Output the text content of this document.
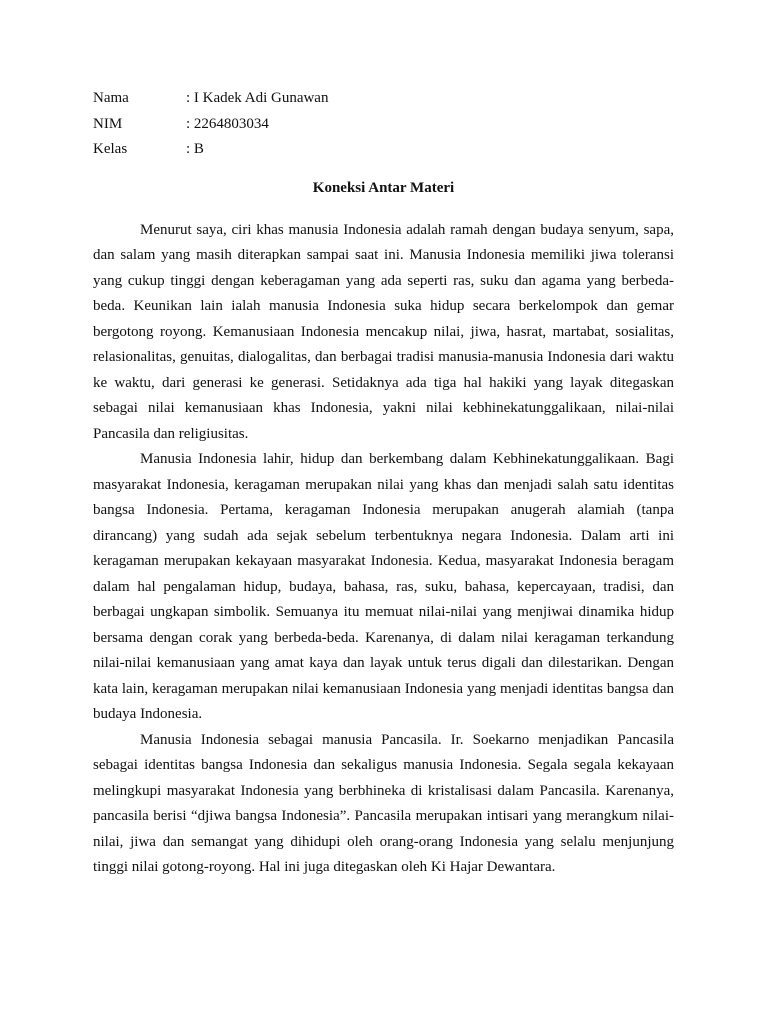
Nama	: I Kadek Adi Gunawan
NIM	: 2264803034
Kelas	: B
Koneksi Antar Materi

Menurut saya, ciri khas manusia Indonesia adalah ramah dengan budaya senyum, sapa, dan salam yang masih diterapkan sampai saat ini. Manusia Indonesia memiliki jiwa toleransi yang cukup tinggi dengan keberagaman yang ada seperti ras, suku dan agama yang berbeda-beda. Keunikan lain ialah manusia Indonesia suka hidup secara berkelompok dan gemar bergotong royong. Kemanusiaan Indonesia mencakup nilai, jiwa, hasrat, martabat, sosialitas, relasionalitas, genuitas, dialogalitas, dan berbagai tradisi manusia-manusia Indonesia dari waktu ke waktu, dari generasi ke generasi. Setidaknya ada tiga hal hakiki yang layak ditegaskan sebagai nilai kemanusiaan khas Indonesia, yakni nilai kebhinekatunggalikaan, nilai-nilai Pancasila dan religiusitas.

Manusia Indonesia lahir, hidup dan berkembang dalam Kebhinekatunggalikaan. Bagi masyarakat Indonesia, keragaman merupakan nilai yang khas dan menjadi salah satu identitas bangsa Indonesia. Pertama, keragaman Indonesia merupakan anugerah alamiah (tanpa dirancang) yang sudah ada sejak sebelum terbentuknya negara Indonesia. Dalam arti ini keragaman merupakan kekayaan masyarakat Indonesia. Kedua, masyarakat Indonesia beragam dalam hal pengalaman hidup, budaya, bahasa, ras, suku, bahasa, kepercayaan, tradisi, dan berbagai ungkapan simbolik. Semuanya itu memuat nilai-nilai yang menjiwai dinamika hidup bersama dengan corak yang berbeda-beda. Karenanya, di dalam nilai keragaman terkandung nilai-nilai kemanusiaan yang amat kaya dan layak untuk terus digali dan dilestarikan. Dengan kata lain, keragaman merupakan nilai kemanusiaan Indonesia yang menjadi identitas bangsa dan budaya Indonesia.

Manusia Indonesia sebagai manusia Pancasila. Ir. Soekarno menjadikan Pancasila sebagai identitas bangsa Indonesia dan sekaligus manusia Indonesia. Segala segala kekayaan melingkupi masyarakat Indonesia yang berbhineka di kristalisasi dalam Pancasila. Karenanya, pancasila berisi “djiwa bangsa Indonesia”. Pancasila merupakan intisari yang merangkum nilai-nilai, jiwa dan semangat yang dihidupi oleh orang-orang Indonesia yang selalu menjunjung tinggi nilai gotong-royong. Hal ini juga ditegaskan oleh Ki Hajar Dewantara.
